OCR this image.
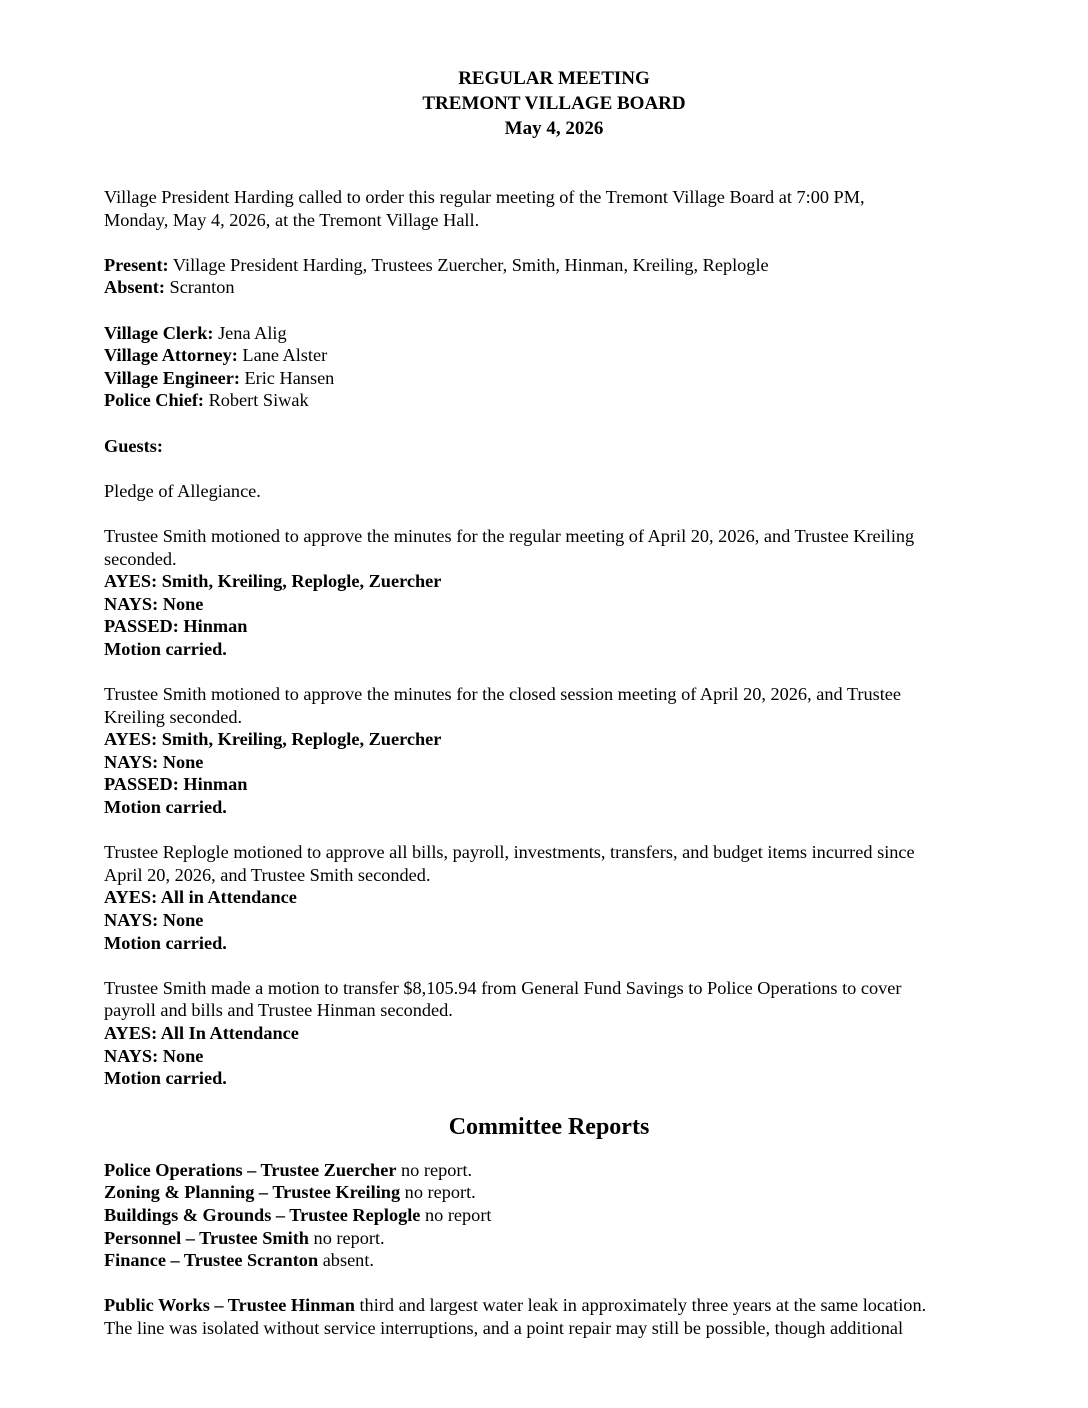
REGULAR MEETING
TREMONT VILLAGE BOARD
May 4, 2026
Village President Harding called to order this regular meeting of the Tremont Village Board at 7:00 PM,
Monday, May 4, 2026, at the Tremont Village Hall.
Present: Village President Harding, Trustees Zuercher, Smith, Hinman, Kreiling, Replogle
Absent: Scranton
Village Clerk: Jena Alig
Village Attorney: Lane Alster
Village Engineer: Eric Hansen
Police Chief: Robert Siwak
Guests:
Pledge of Allegiance.
Trustee Smith motioned to approve the minutes for the regular meeting of April 20, 2026, and Trustee Kreiling
seconded.
AYES: Smith, Kreiling, Replogle, Zuercher
NAYS: None
PASSED: Hinman
Motion carried.
Trustee Smith motioned to approve the minutes for the closed session meeting of April 20, 2026, and Trustee
Kreiling seconded.
AYES: Smith, Kreiling, Replogle, Zuercher
NAYS: None
PASSED: Hinman
Motion carried.
Trustee Replogle motioned to approve all bills, payroll, investments, transfers, and budget items incurred since
April 20, 2026, and Trustee Smith seconded.
AYES: All in Attendance
NAYS: None
Motion carried.
Trustee Smith made a motion to transfer $8,105.94 from General Fund Savings to Police Operations to cover
payroll and bills and Trustee Hinman seconded.
AYES: All In Attendance
NAYS: None
Motion carried.
Committee Reports
Police Operations – Trustee Zuercher no report.
Zoning & Planning – Trustee Kreiling no report.
Buildings & Grounds – Trustee Replogle no report
Personnel – Trustee Smith no report.
Finance – Trustee Scranton absent.
Public Works – Trustee Hinman third and largest water leak in approximately three years at the same location.
The line was isolated without service interruptions, and a point repair may still be possible, though additional
